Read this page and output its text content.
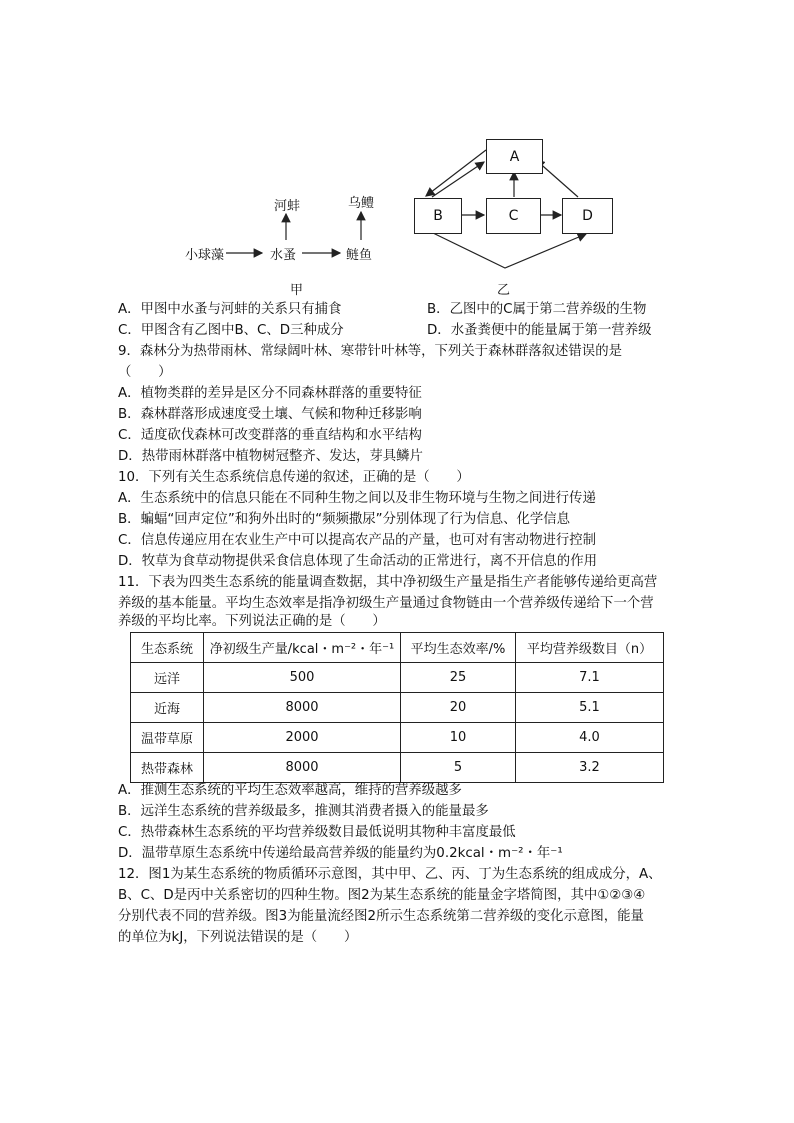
小球藻	水蚤
河蚌
鲢鱼
乌鳢
甲
A
B	C	D
乙
A．甲图中水蚤与河蚌的关系只有捕食	B．乙图中的C属于第二营养级的生物
C．甲图含有乙图中B、C、D三种成分	D．水蚤粪便中的能量属于第一营养级
9．森林分为热带雨林、常绿阔叶林、寒带针叶林等，下列关于森林群落叙述错误的是
（　　）
A．植物类群的差异是区分不同森林群落的重要特征
B．森林群落形成速度受土壤、气候和物种迁移影响
C．适度砍伐森林可改变群落的垂直结构和水平结构
D．热带雨林群落中植物树冠整齐、发达，芽具鳞片
10．下列有关生态系统信息传递的叙述，正确的是（　　）
A．生态系统中的信息只能在不同种生物之间以及非生物环境与生物之间进行传递
B．蝙蝠“回声定位”和狗外出时的“频频撒尿”分别体现了行为信息、化学信息
C．信息传递应用在农业生产中可以提高农产品的产量，也可对有害动物进行控制
D．牧草为食草动物提供采食信息体现了生命活动的正常进行，离不开信息的作用
11．下表为四类生态系统的能量调查数据，其中净初级生产量是指生产者能够传递给更高营
养级的基本能量。平均生态效率是指净初级生产量通过食物链由一个营养级传递给下一个营
养级的平均比率。下列说法正确的是（　　）
生态系统	净初级生产量/kcal・m⁻²・年⁻¹	平均生态效率/%	平均营养级数目（n）
远洋	500	25	7.1
近海	8000	20	5.1
温带草原	2000	10	4.0
热带森林	8000	5	3.2
A．推测生态系统的平均生态效率越高，维持的营养级越多
B．远洋生态系统的营养级最多，推测其消费者摄入的能量最多
C．热带森林生态系统的平均营养级数目最低说明其物种丰富度最低
D．温带草原生态系统中传递给最高营养级的能量约为0.2kcal・m⁻²・年⁻¹
12．图1为某生态系统的物质循环示意图，其中甲、乙、丙、丁为生态系统的组成成分，A、
B、C、D是丙中关系密切的四种生物。图2为某生态系统的能量金字塔简图，其中①②③④
分别代表不同的营养级。图3为能量流经图2所示生态系统第二营养级的变化示意图，能量
的单位为kJ，下列说法错误的是（　　）
